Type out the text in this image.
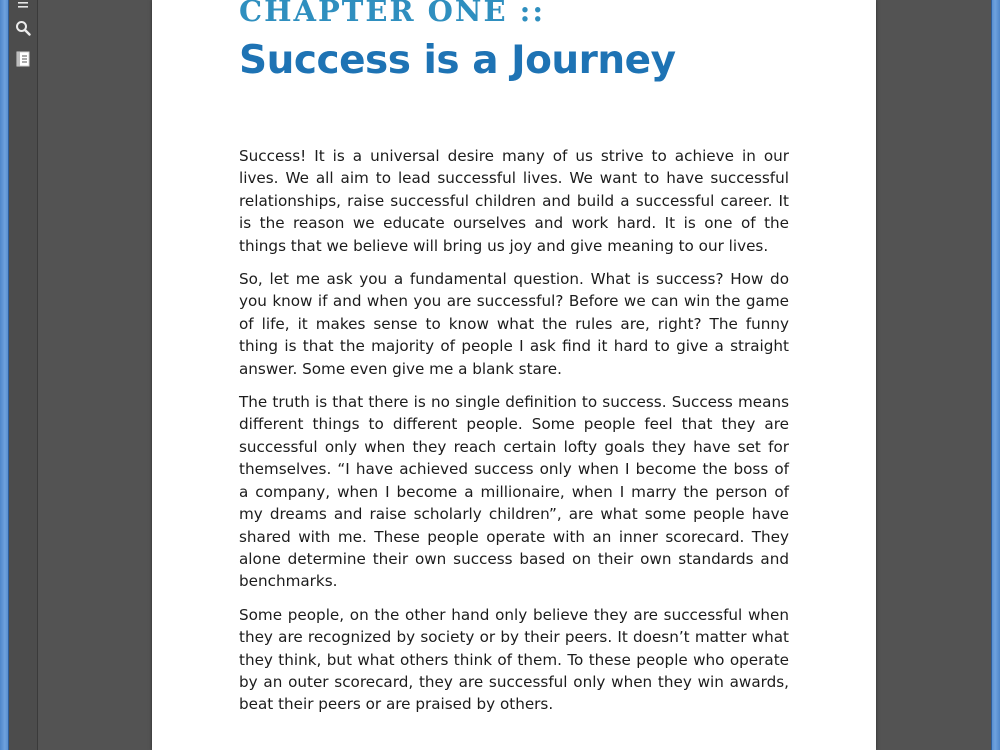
CHAPTER ONE ::
Success is a Journey

Success! It is a universal desire many of us strive to achieve in our lives. We all aim to lead successful lives. We want to have successful relationships, raise successful children and build a successful career. It is the reason we educate ourselves and work hard. It is one of the things that we believe will bring us joy and give meaning to our lives.

So, let me ask you a fundamental question. What is success? How do you know if and when you are successful? Before we can win the game of life, it makes sense to know what the rules are, right? The funny thing is that the majority of people I ask find it hard to give a straight answer. Some even give me a blank stare.

The truth is that there is no single definition to success. Success means different things to different people. Some people feel that they are successful only when they reach certain lofty goals they have set for themselves. “I have achieved success only when I become the boss of a company, when I become a millionaire, when I marry the person of my dreams and raise scholarly children”, are what some people have shared with me. These people operate with an inner scorecard. They alone determine their own success based on their own standards and benchmarks.

Some people, on the other hand only believe they are successful when they are recognized by society or by their peers. It doesn’t matter what they think, but what others think of them. To these people who operate by an outer scorecard, they are successful only when they win awards, beat their peers or are praised by others.
